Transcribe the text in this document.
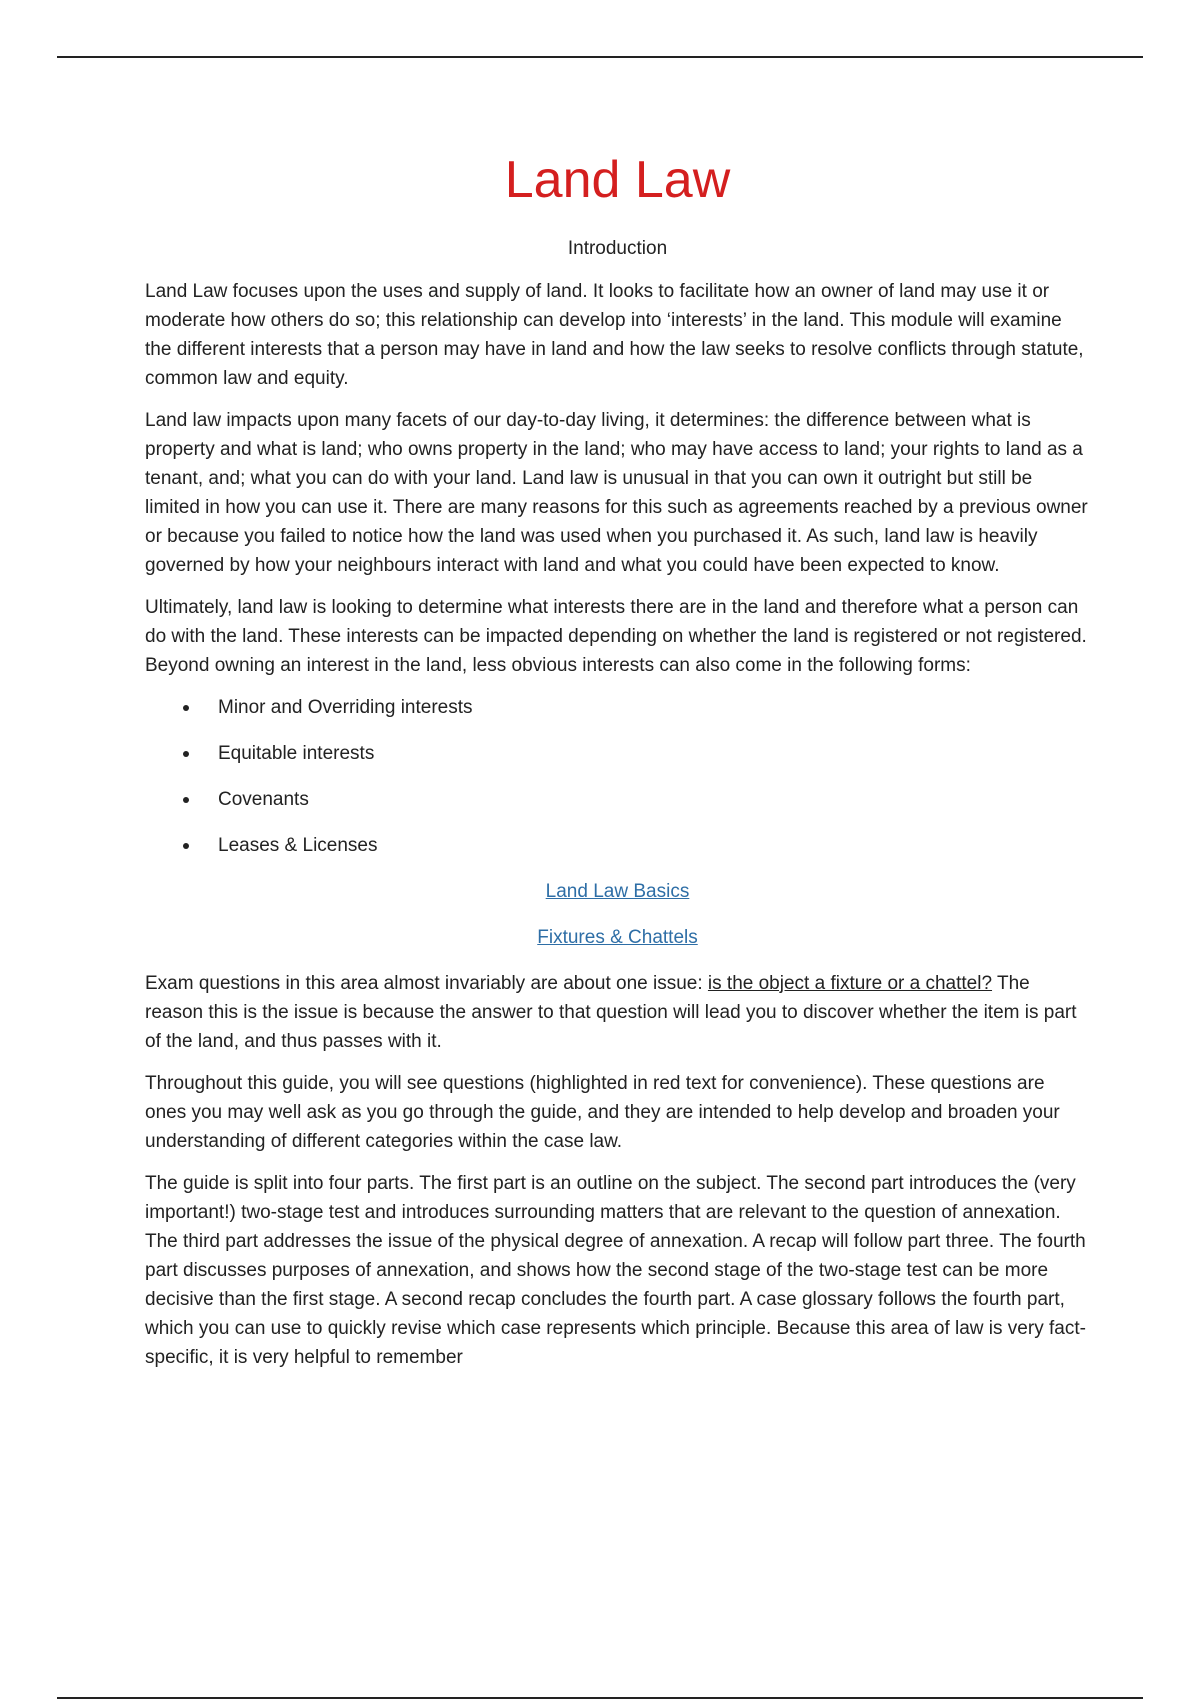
Land Law
Introduction

Land Law focuses upon the uses and supply of land. It looks to facilitate how an owner of land may use it or moderate how others do so; this relationship can develop into ‘interests’ in the land. This module will examine the different interests that a person may have in land and how the law seeks to resolve conflicts through statute, common law and equity.

Land law impacts upon many facets of our day-to-day living, it determines: the difference between what is property and what is land; who owns property in the land; who may have access to land; your rights to land as a tenant, and; what you can do with your land. Land law is unusual in that you can own it outright but still be limited in how you can use it. There are many reasons for this such as agreements reached by a previous owner or because you failed to notice how the land was used when you purchased it. As such, land law is heavily governed by how your neighbours interact with land and what you could have been expected to know.

Ultimately, land law is looking to determine what interests there are in the land and therefore what a person can do with the land. These interests can be impacted depending on whether the land is registered or not registered. Beyond owning an interest in the land, less obvious interests can also come in the following forms:

Minor and Overriding interests
Equitable interests
Covenants
Leases & Licenses
Land Law Basics
Fixtures & Chattels

Exam questions in this area almost invariably are about one issue: is the object a fixture or a chattel? The reason this is the issue is because the answer to that question will lead you to discover whether the item is part of the land, and thus passes with it.

Throughout this guide, you will see questions (highlighted in red text for convenience). These questions are ones you may well ask as you go through the guide, and they are intended to help develop and broaden your understanding of different categories within the case law.

The guide is split into four parts. The first part is an outline on the subject. The second part introduces the (very important!) two-stage test and introduces surrounding matters that are relevant to the question of annexation. The third part addresses the issue of the physical degree of annexation. A recap will follow part three. The fourth part discusses purposes of annexation, and shows how the second stage of the two-stage test can be more decisive than the first stage. A second recap concludes the fourth part. A case glossary follows the fourth part, which you can use to quickly revise which case represents which principle. Because this area of law is very fact-specific, it is very helpful to remember
